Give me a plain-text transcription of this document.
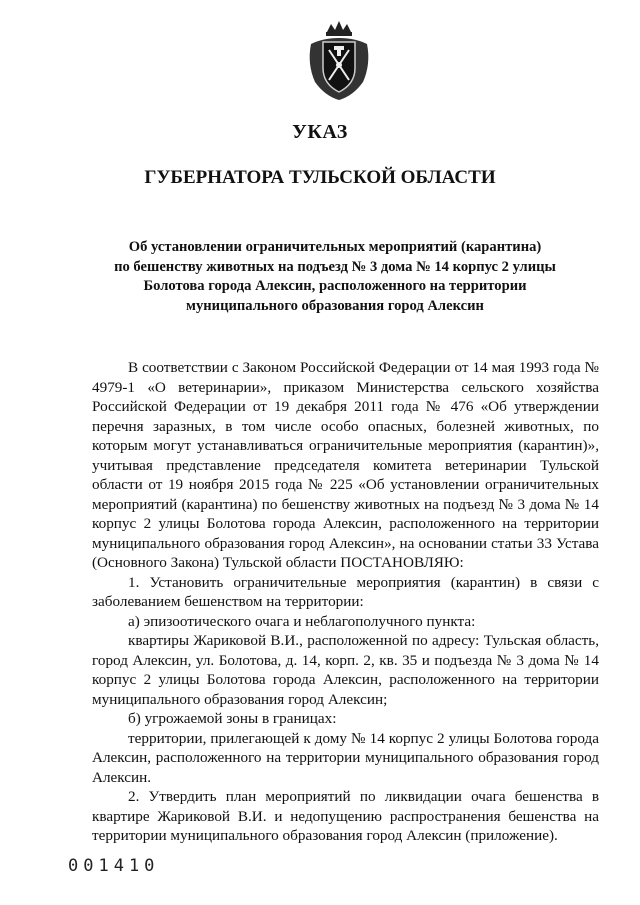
УКАЗ
ГУБЕРНАТОРА ТУЛЬСКОЙ ОБЛАСТИ
Об установлении ограничительных мероприятий (карантина)
по бешенству животных на подъезд № 3 дома № 14 корпус 2 улицы
Болотова города Алексин, расположенного на территории
муниципального образования город Алексин

В соответствии с Законом Российской Федерации от 14 мая 1993 года № 4979-1 «О ветеринарии», приказом Министерства сельского хозяйства Российской Федерации от 19 декабря 2011 года № 476 «Об утверждении перечня заразных, в том числе особо опасных, болезней животных, по которым могут устанавливаться ограничительные мероприятия (карантин)», учитывая представление председателя комитета ветеринарии Тульской области от 19 ноября 2015 года № 225 «Об установлении ограничительных мероприятий (карантина) по бешенству животных на подъезд № 3 дома № 14 корпус 2 улицы Болотова города Алексин, расположенного на территории муниципального образования город Алексин», на основании статьи 33 Устава (Основного Закона) Тульской области ПОСТАНОВЛЯЮ:

1. Установить ограничительные мероприятия (карантин) в связи с заболеванием бешенством на территории:

а) эпизоотического очага и неблагополучного пункта:

квартиры Жариковой В.И., расположенной по адресу: Тульская область, город Алексин, ул. Болотова, д. 14, корп. 2, кв. 35 и подъезда № 3 дома № 14 корпус 2 улицы Болотова города Алексин, расположенного на территории муниципального образования город Алексин;

б) угрожаемой зоны в границах:

территории, прилегающей к дому № 14 корпус 2 улицы Болотова города Алексин, расположенного на территории муниципального образования город Алексин.

2. Утвердить план мероприятий по ликвидации очага бешенства в квартире Жариковой В.И. и недопущению распространения бешенства на территории муниципального образования город Алексин (приложение).

001410
